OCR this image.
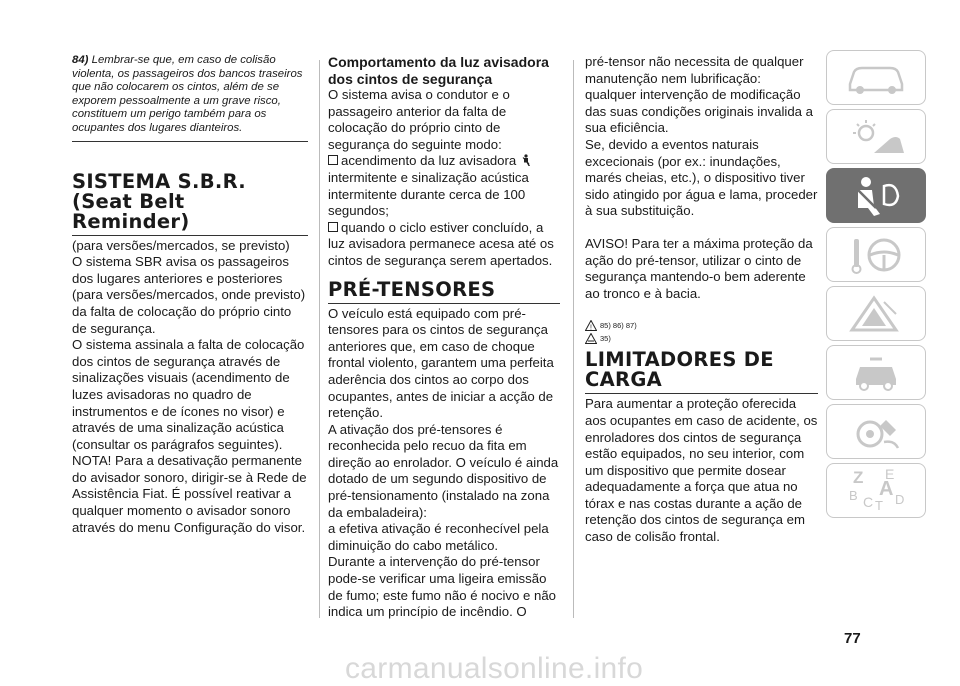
84) Lembrar-se que, em caso de colisão violenta, os passageiros dos bancos traseiros que não colocarem os cintos, além de se exporem pessoalmente a um grave risco, constituem um perigo também para os ocupantes dos lugares dianteiros.
SISTEMA S.B.R. (Seat Belt Reminder)

(para versões/mercados, se previsto)

O sistema SBR avisa os passageiros dos lugares anteriores e posteriores (para versões/mercados, onde previsto) da falta de colocação do próprio cinto de segurança.

O sistema assinala a falta de colocação dos cintos de segurança através de sinalizações visuais (acendimento de luzes avisadoras no quadro de instrumentos e de ícones no visor) e através de uma sinalização acústica (consultar os parágrafos seguintes).

NOTA! Para a desativação permanente do avisador sonoro, dirigir-se à Rede de Assistência Fiat. É possível reativar a qualquer momento o avisador sonoro através do menu Configuração do visor.

Comportamento da luz avisadora dos cintos de segurança

O sistema avisa o condutor e o passageiro anterior da falta de colocação do próprio cinto de segurança do seguinte modo:

acendimento da luz avisadora

intermitente e sinalização acústica intermitente durante cerca de 100 segundos;

quando o ciclo estiver concluído, a luz avisadora permanece acesa até os cintos de segurança serem apertados.

PRÉ-TENSORES

O veículo está equipado com pré-tensores para os cintos de segurança anteriores que, em caso de choque frontal violento, garantem uma perfeita aderência dos cintos ao corpo dos ocupantes, antes de iniciar a acção de retenção.

A ativação dos pré-tensores é reconhecida pelo recuo da fita em direção ao enrolador. O veículo é ainda dotado de um segundo dispositivo de pré-tensionamento (instalado na zona da embaladeira):

a efetiva ativação é reconhecível pela diminuição do cabo metálico.

Durante a intervenção do pré-tensor pode-se verificar uma ligeira emissão de fumo; este fumo não é nocivo e não indica um princípio de incêndio. O

pré-tensor não necessita de qualquer manutenção nem lubrificação:

qualquer intervenção de modificação das suas condições originais invalida a sua eficiência.

Se, devido a eventos naturais excecionais (por ex.: inundações, marés cheias, etc.), o dispositivo tiver sido atingido por água e lama, proceder à sua substituição.

AVISO! Para ter a máxima proteção da ação do pré-tensor, utilizar o cinto de segurança mantendo-o bem aderente ao tronco e à bacia.

! 85) 86) 87)
35)
LIMITADORES DE CARGA

Para aumentar a proteção oferecida aos ocupantes em caso de acidente, os enroladores dos cintos de segurança estão equipados, no seu interior, com um dispositivo que permite dosear adequadamente a força que atua no tórax e nas costas durante a ação de retenção dos cintos de segurança em caso de colisão frontal.

Z E
A
B C T D
77
carmanualsonline.info
